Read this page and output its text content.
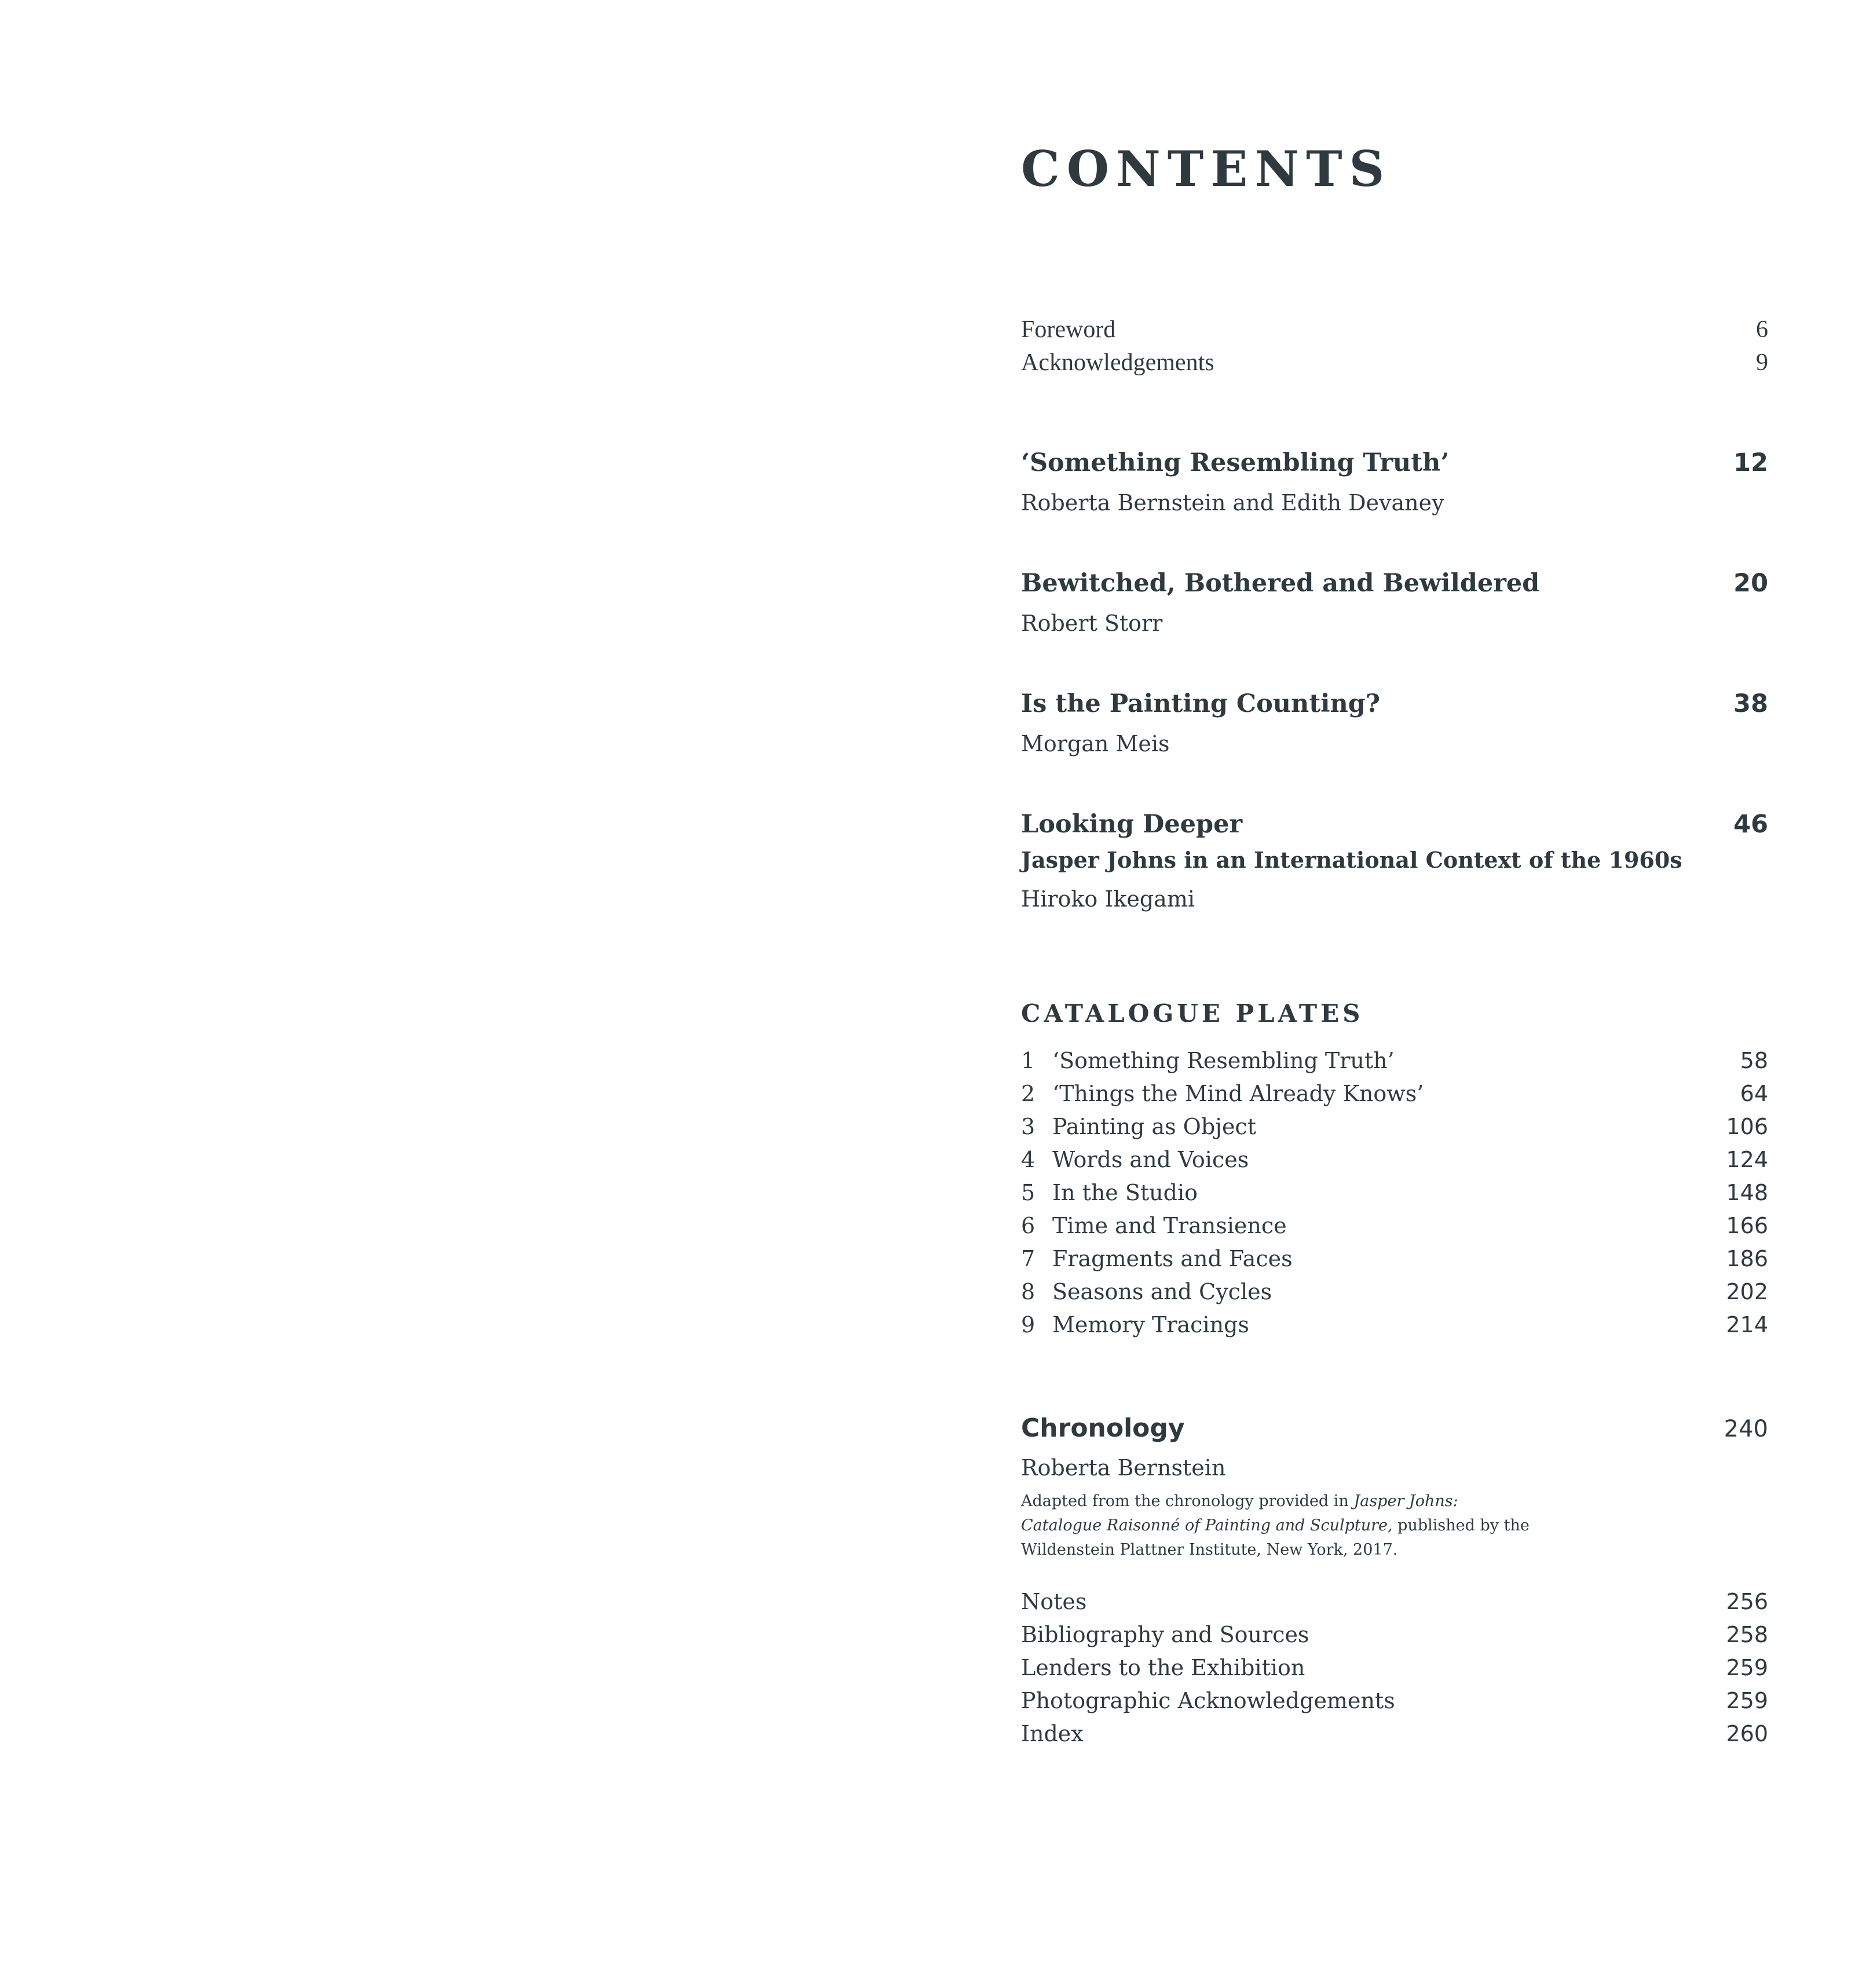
CONTENTS
Foreword	6
Acknowledgements	9
‘Something Resembling Truth’	12
Roberta Bernstein and Edith Devaney
Bewitched, Bothered and Bewildered	20
Robert Storr
Is the Painting Counting?	38
Morgan Meis
Looking Deeper	46
Jasper Johns in an International Context of the 1960s
Hiroko Ikegami
CATALOGUE PLATES
1 ‘Something Resembling Truth’	58
2 ‘Things the Mind Already Knows’	64
3 Painting as Object	106
4 Words and Voices	124
5 In the Studio	148
6 Time and Transience	166
7 Fragments and Faces	186
8 Seasons and Cycles	202
9 Memory Tracings	214
Chronology	240
Roberta Bernstein
Adapted from the chronology provided in Jasper Johns: Catalogue Raisonné of Painting and Sculpture, published by the Wildenstein Plattner Institute, New York, 2017.
Notes	256
Bibliography and Sources	258
Lenders to the Exhibition	259
Photographic Acknowledgements	259
Index	260
